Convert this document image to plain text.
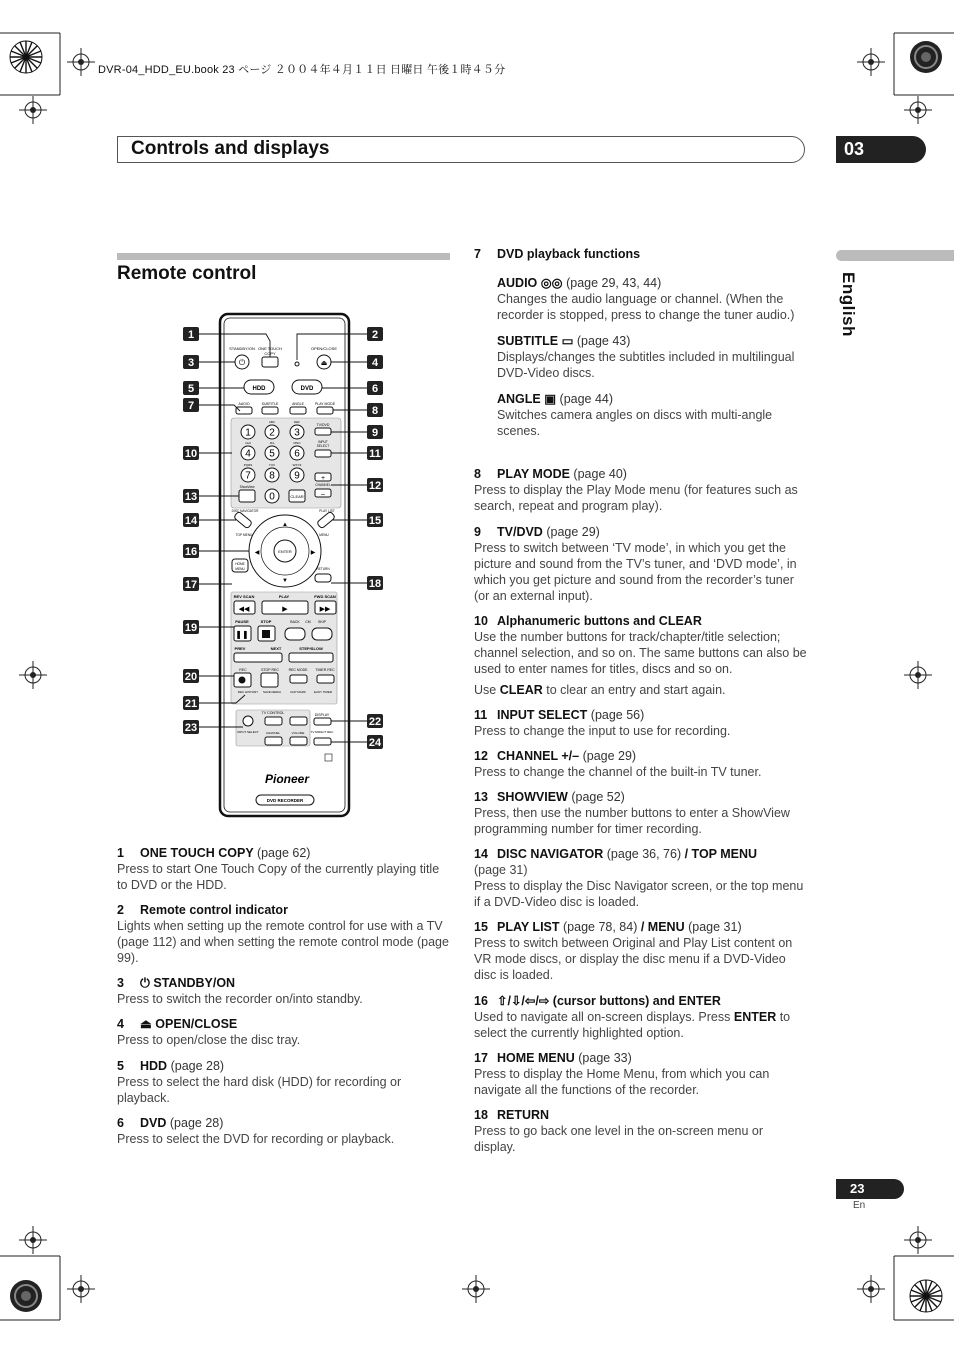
DVR-04_HDD_EU.book 23 ページ ２００４年４月１１日 日曜日 午後１時４５分
Controls and displays	03
English
Remote control
STANDBY/ON
⏻
ONE TOUCH
COPY
OPEN/CLOSE
⏏
HDD	DVD
AUDIO	SUBTITLE	ANGLE	PLAY MODE
1
ABC
2
DEF
3
GHI
4
JKL
5
MNO
6
PQRS
7
TUV
8
WXYZ
9
0
TV/DVD
INPUT
SELECT
+
CHANNEL
–
ShowView
CLEAR
DISC NAVIGATOR
TOP MENU
PLAY LIST
MENU
ENTER
▲
▼
◀	▶
HOME
MENU	RETURN
REV SCAN	PLAY	FWD SCAN
◀◀	▶	▶▶
PAUSE	STOP	BACK CM SKIP
❚❚
PREV	NEXT	STEP/SLOW
REC	STOP REC	REC MODE TIMER REC
REC HISTORY SAVE MEDIA	CHP MARK	EASY TIMER
TV CONTROL
INPUT SELECT CHANNEL	VOLUME
DISPLAY
TV DIRECT REC
Pioneer
DVD RECORDER
1
3
5
7
10
13
14
16
17
19
20
21
23
2
4
6
8
9
11
12
15
18
22
24
1 ONE TOUCH COPY (page 62)
Press to start One Touch Copy of the currently playing title to DVD or the HDD.
2 Remote control indicator
Lights when setting up the remote control for use with a TV (page 112) and when setting the remote control mode (page 99).
3 ⏻ STANDBY/ON
Press to switch the recorder on/into standby.
4 ⏏ OPEN/CLOSE
Press to open/close the disc tray.
5 HDD (page 28)
Press to select the hard disk (HDD) for recording or playback.
6 DVD (page 28)
Press to select the DVD for recording or playback.
7 DVD playback functions
AUDIO ◎◎ (page 29, 43, 44)
Changes the audio language or channel. (When the recorder is stopped, press to change the tuner audio.)
SUBTITLE ▭ (page 43)
Displays/changes the subtitles included in multilingual DVD-Video discs.
ANGLE ▣ (page 44)
Switches camera angles on discs with multi-angle scenes.
8 PLAY MODE (page 40)
Press to display the Play Mode menu (for features such as search, repeat and program play).
9 TV/DVD (page 29)
Press to switch between ‘TV mode’, in which you get the picture and sound from the TV’s tuner, and ‘DVD mode’, in which you get picture and sound from the recorder’s tuner (or an external input).
10 Alphanumeric buttons and CLEAR
Use the number buttons for track/chapter/title selection; channel selection, and so on. The same buttons can also be used to enter names for titles, discs and so on.
Use CLEAR to clear an entry and start again.
11 INPUT SELECT (page 56)
Press to change the input to use for recording.
12 CHANNEL +/– (page 29)
Press to change the channel of the built-in TV tuner.
13 SHOWVIEW (page 52)
Press, then use the number buttons to enter a ShowView programming number for timer recording.
14 DISC NAVIGATOR (page 36, 76) / TOP MENU
(page 31)
Press to display the Disc Navigator screen, or the top menu if a DVD-Video disc is loaded.
15 PLAY LIST (page 78, 84) / MENU (page 31)
Press to switch between Original and Play List content on VR mode discs, or display the disc menu if a DVD-Video disc is loaded.
16 ⇧/⇩/⇦/⇨ (cursor buttons) and ENTER
Used to navigate all on-screen displays. Press ENTER to select the currently highlighted option.
17 HOME MENU (page 33)
Press to display the Home Menu, from which you can navigate all the functions of the recorder.
18 RETURN
Press to go back one level in the on-screen menu or display.
23
En
